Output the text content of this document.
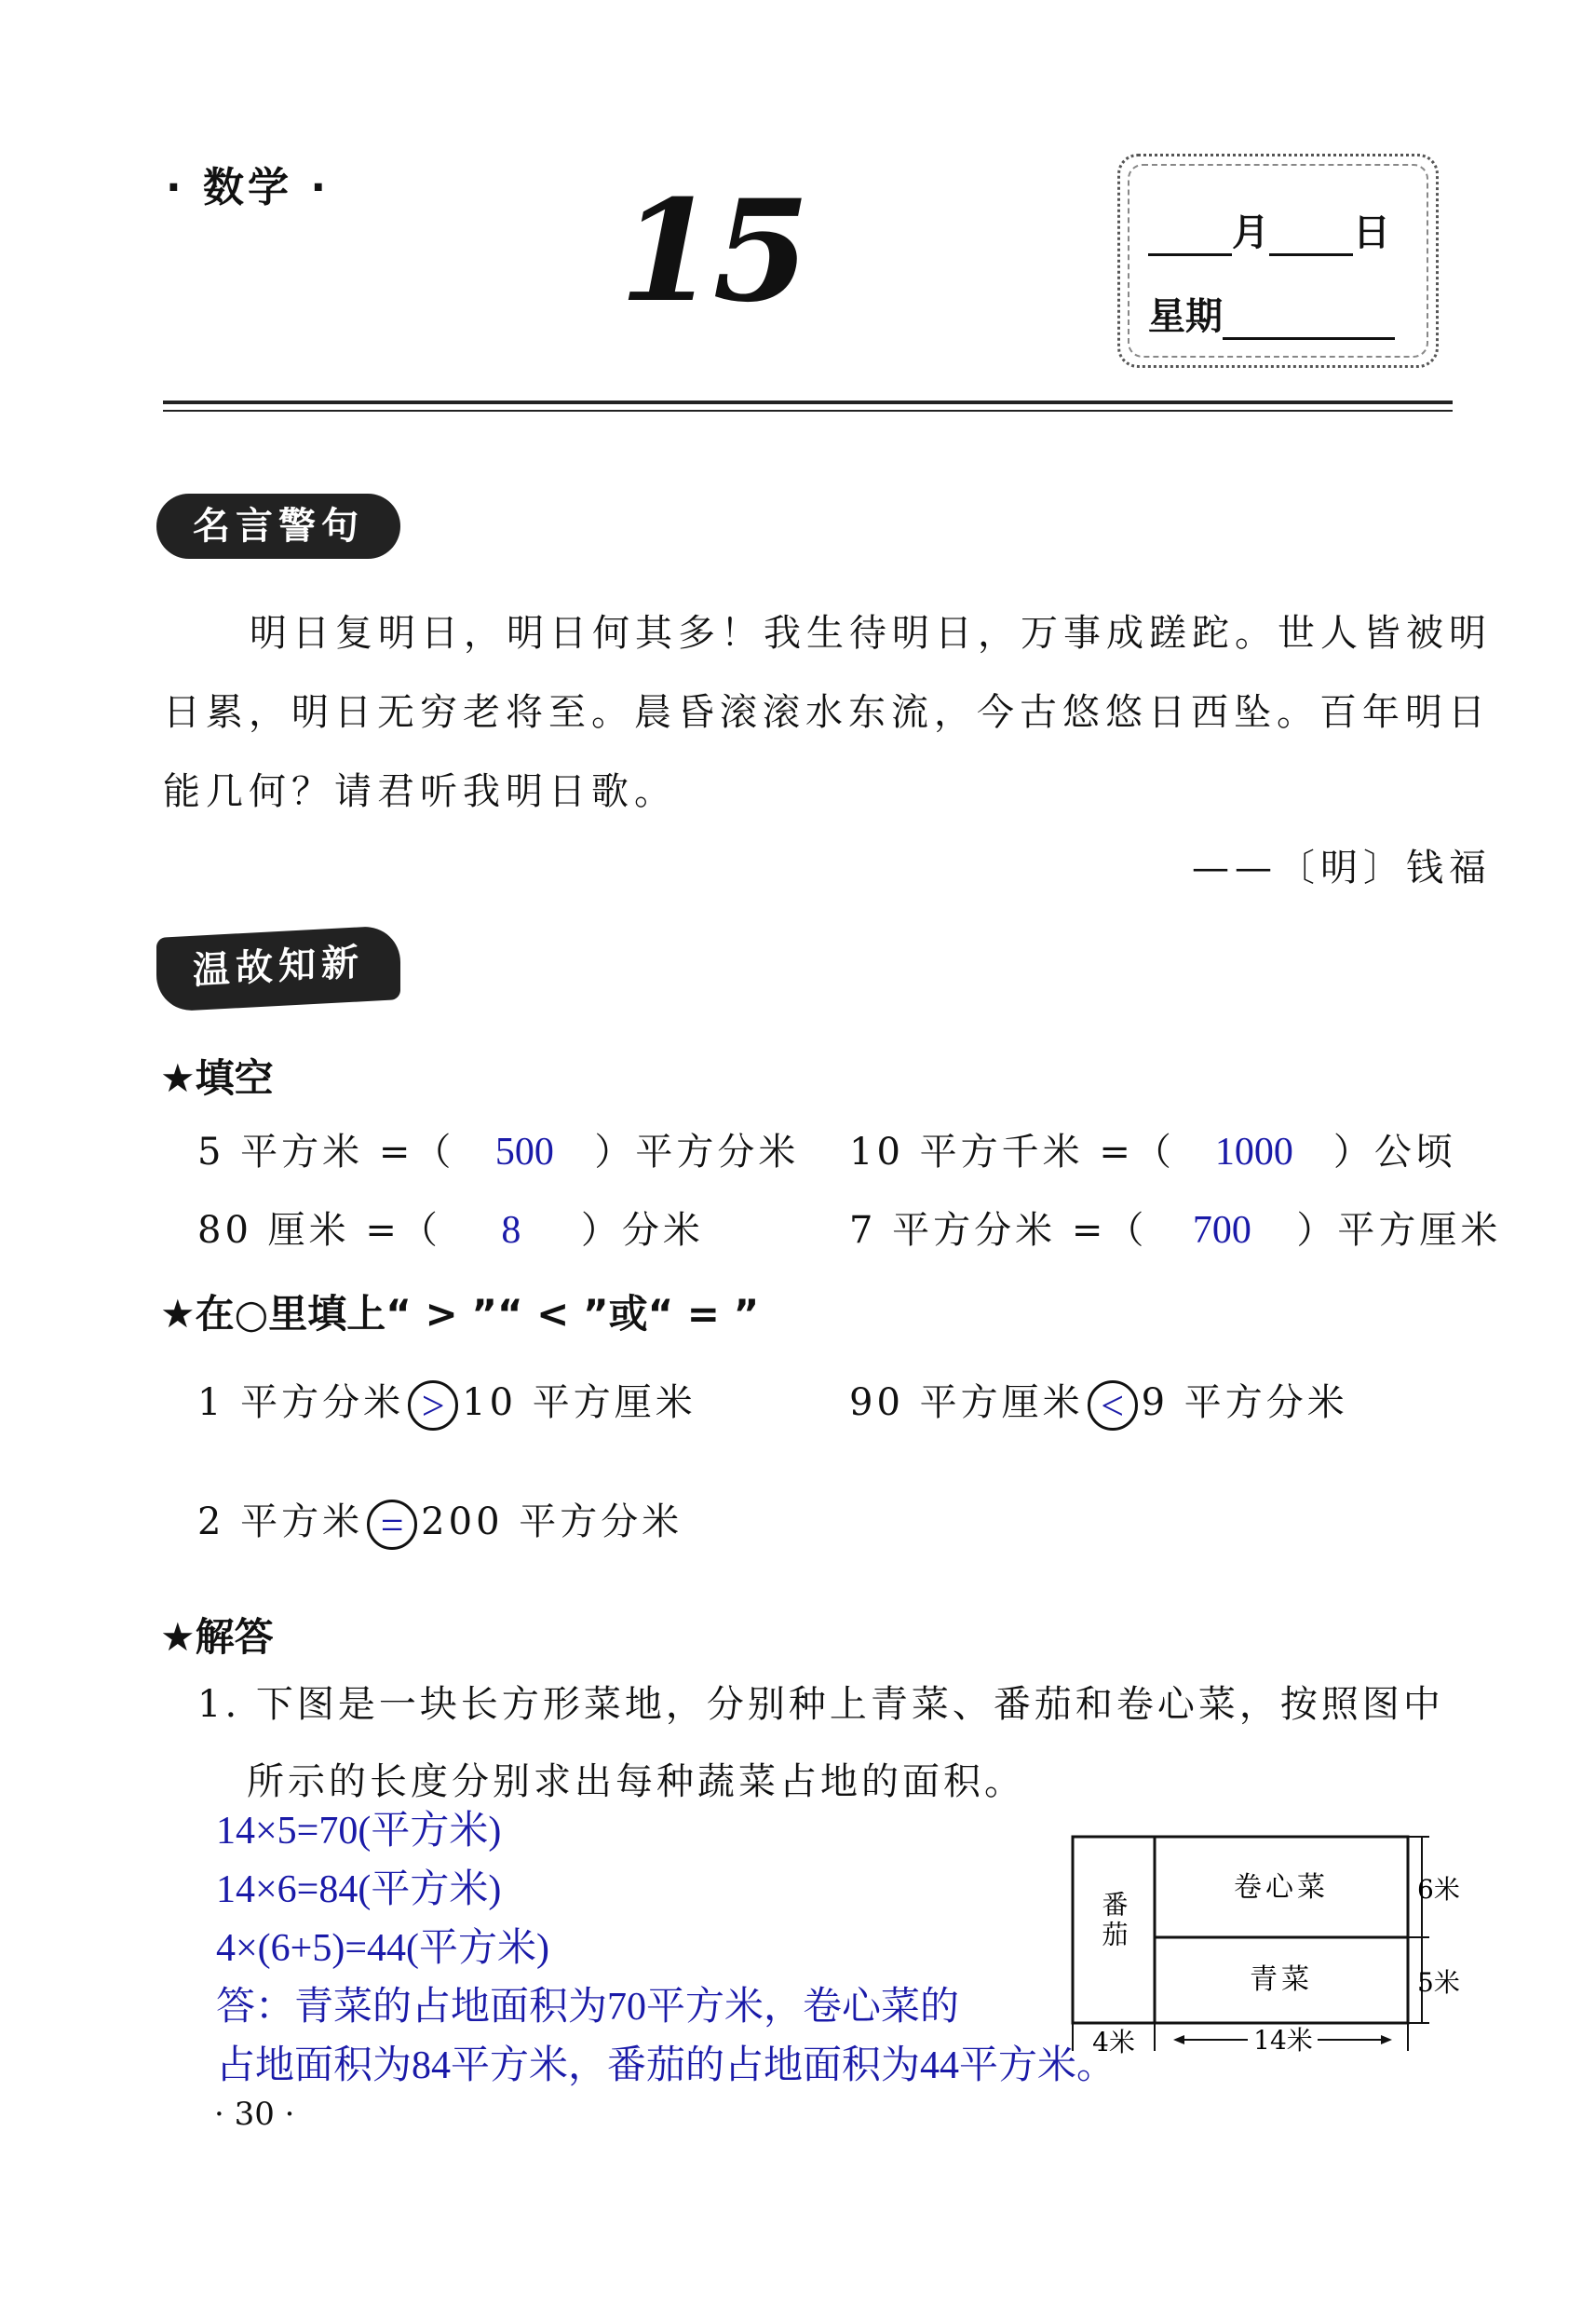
· 数学 · 15	月 日
星期
名言警句
明日复明日，明日何其多！我生待明日，万事成蹉跎。世人皆被明
日累，明日无穷老将至。晨昏滚滚水东流，今古悠悠日西坠。百年明日
能几何？请君听我明日歌。
——〔明〕钱福
温故知新
★填空
5 平方米 =（ 500 ）平方分米 10 平方千米 =（ 1000 ）公顷
80 厘米 =（ 8 ）分米	7 平方分米 =（ 700 ）平方厘米
★在○里填上“ > ”“ < ”或“ = ”
1 平方分米 > 10 平方厘米	90 平方厘米 < 9 平方分米
2 平方米 = 200 平方分米
★解答
1. 下图是一块长方形菜地，分别种上青菜、番茄和卷心菜，按照图中
所示的长度分别求出每种蔬菜占地的面积。
14×5=70(平方米)
14×6=84(平方米)
4×(6+5)=44(平方米)
答：青菜的占地面积为70平方米，卷心菜的
占地面积为84平方米，番茄的占地面积为44平方米。
番茄
卷心菜
青菜
6米
5米
4米	14米
· 30 ·
